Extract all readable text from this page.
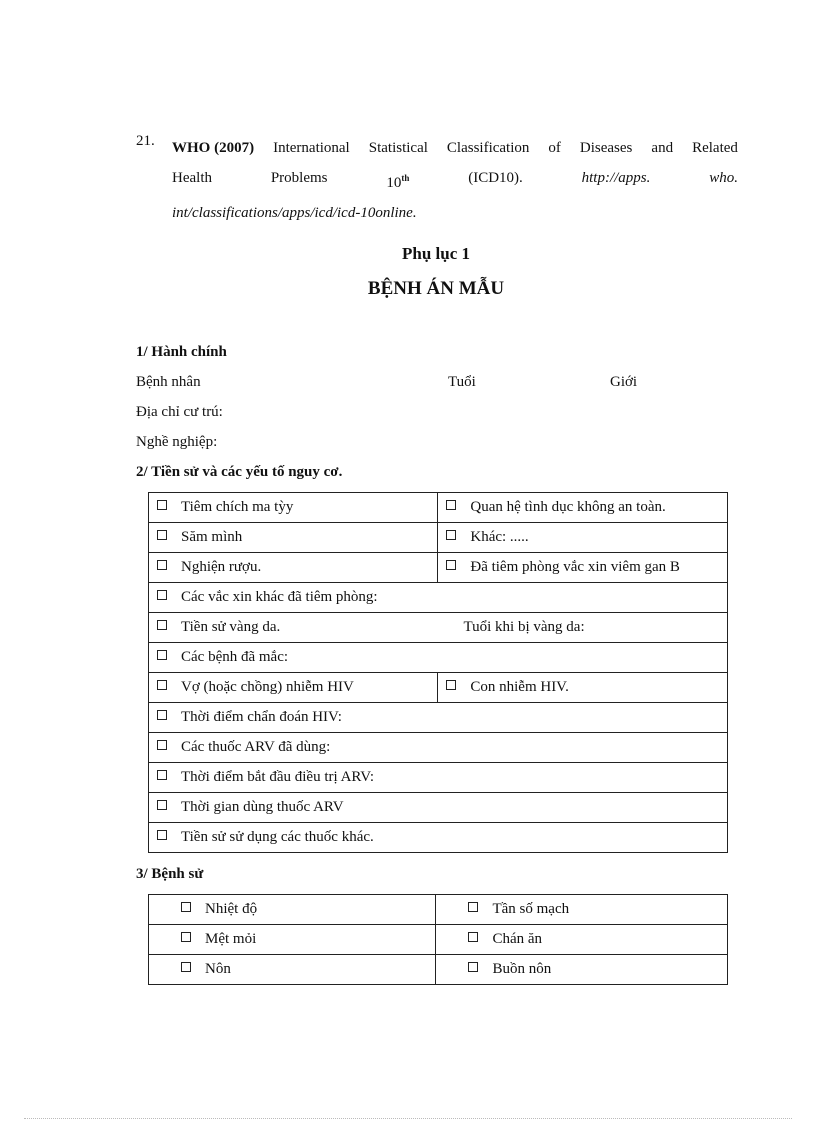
21. WHO (2007) International Statistical Classification of Diseases and Related
Health	Problems	10th	(ICD10).	http://apps.	who.
int/classifications/apps/icd/icd-10online.
Phụ lục 1
BỆNH ÁN MẪU
1/ Hành chính
Bệnh nhân	Tuổi	Giới
Địa chỉ cư trú:
Nghề nghiệp:
2/ Tiền sử và các yếu tố nguy cơ.
Tiêm chích ma tỳy	Quan hệ tình dục không an toàn.
Săm mình	Khác: .....
Nghiện rượu.	Đã tiêm phòng vắc xin viêm gan B
Các vắc xin khác đã tiêm phòng:	
Tiền sử vàng da. Tuổi khi bị vàng da:	

Các bệnh đã mắc:	
Vợ (hoặc chồng) nhiễm HIV	Con nhiễm HIV.
Thời điểm chẩn đoán HIV:	
Các thuốc ARV đã dùng:	
Thời điểm bắt đầu điều trị ARV:	
Thời gian dùng thuốc ARV	
Tiền sử sử dụng các thuốc khác.	
3/ Bệnh sử
Nhiệt độ	Tần số mạch
Mệt mỏi	Chán ăn
Nôn	Buồn nôn
